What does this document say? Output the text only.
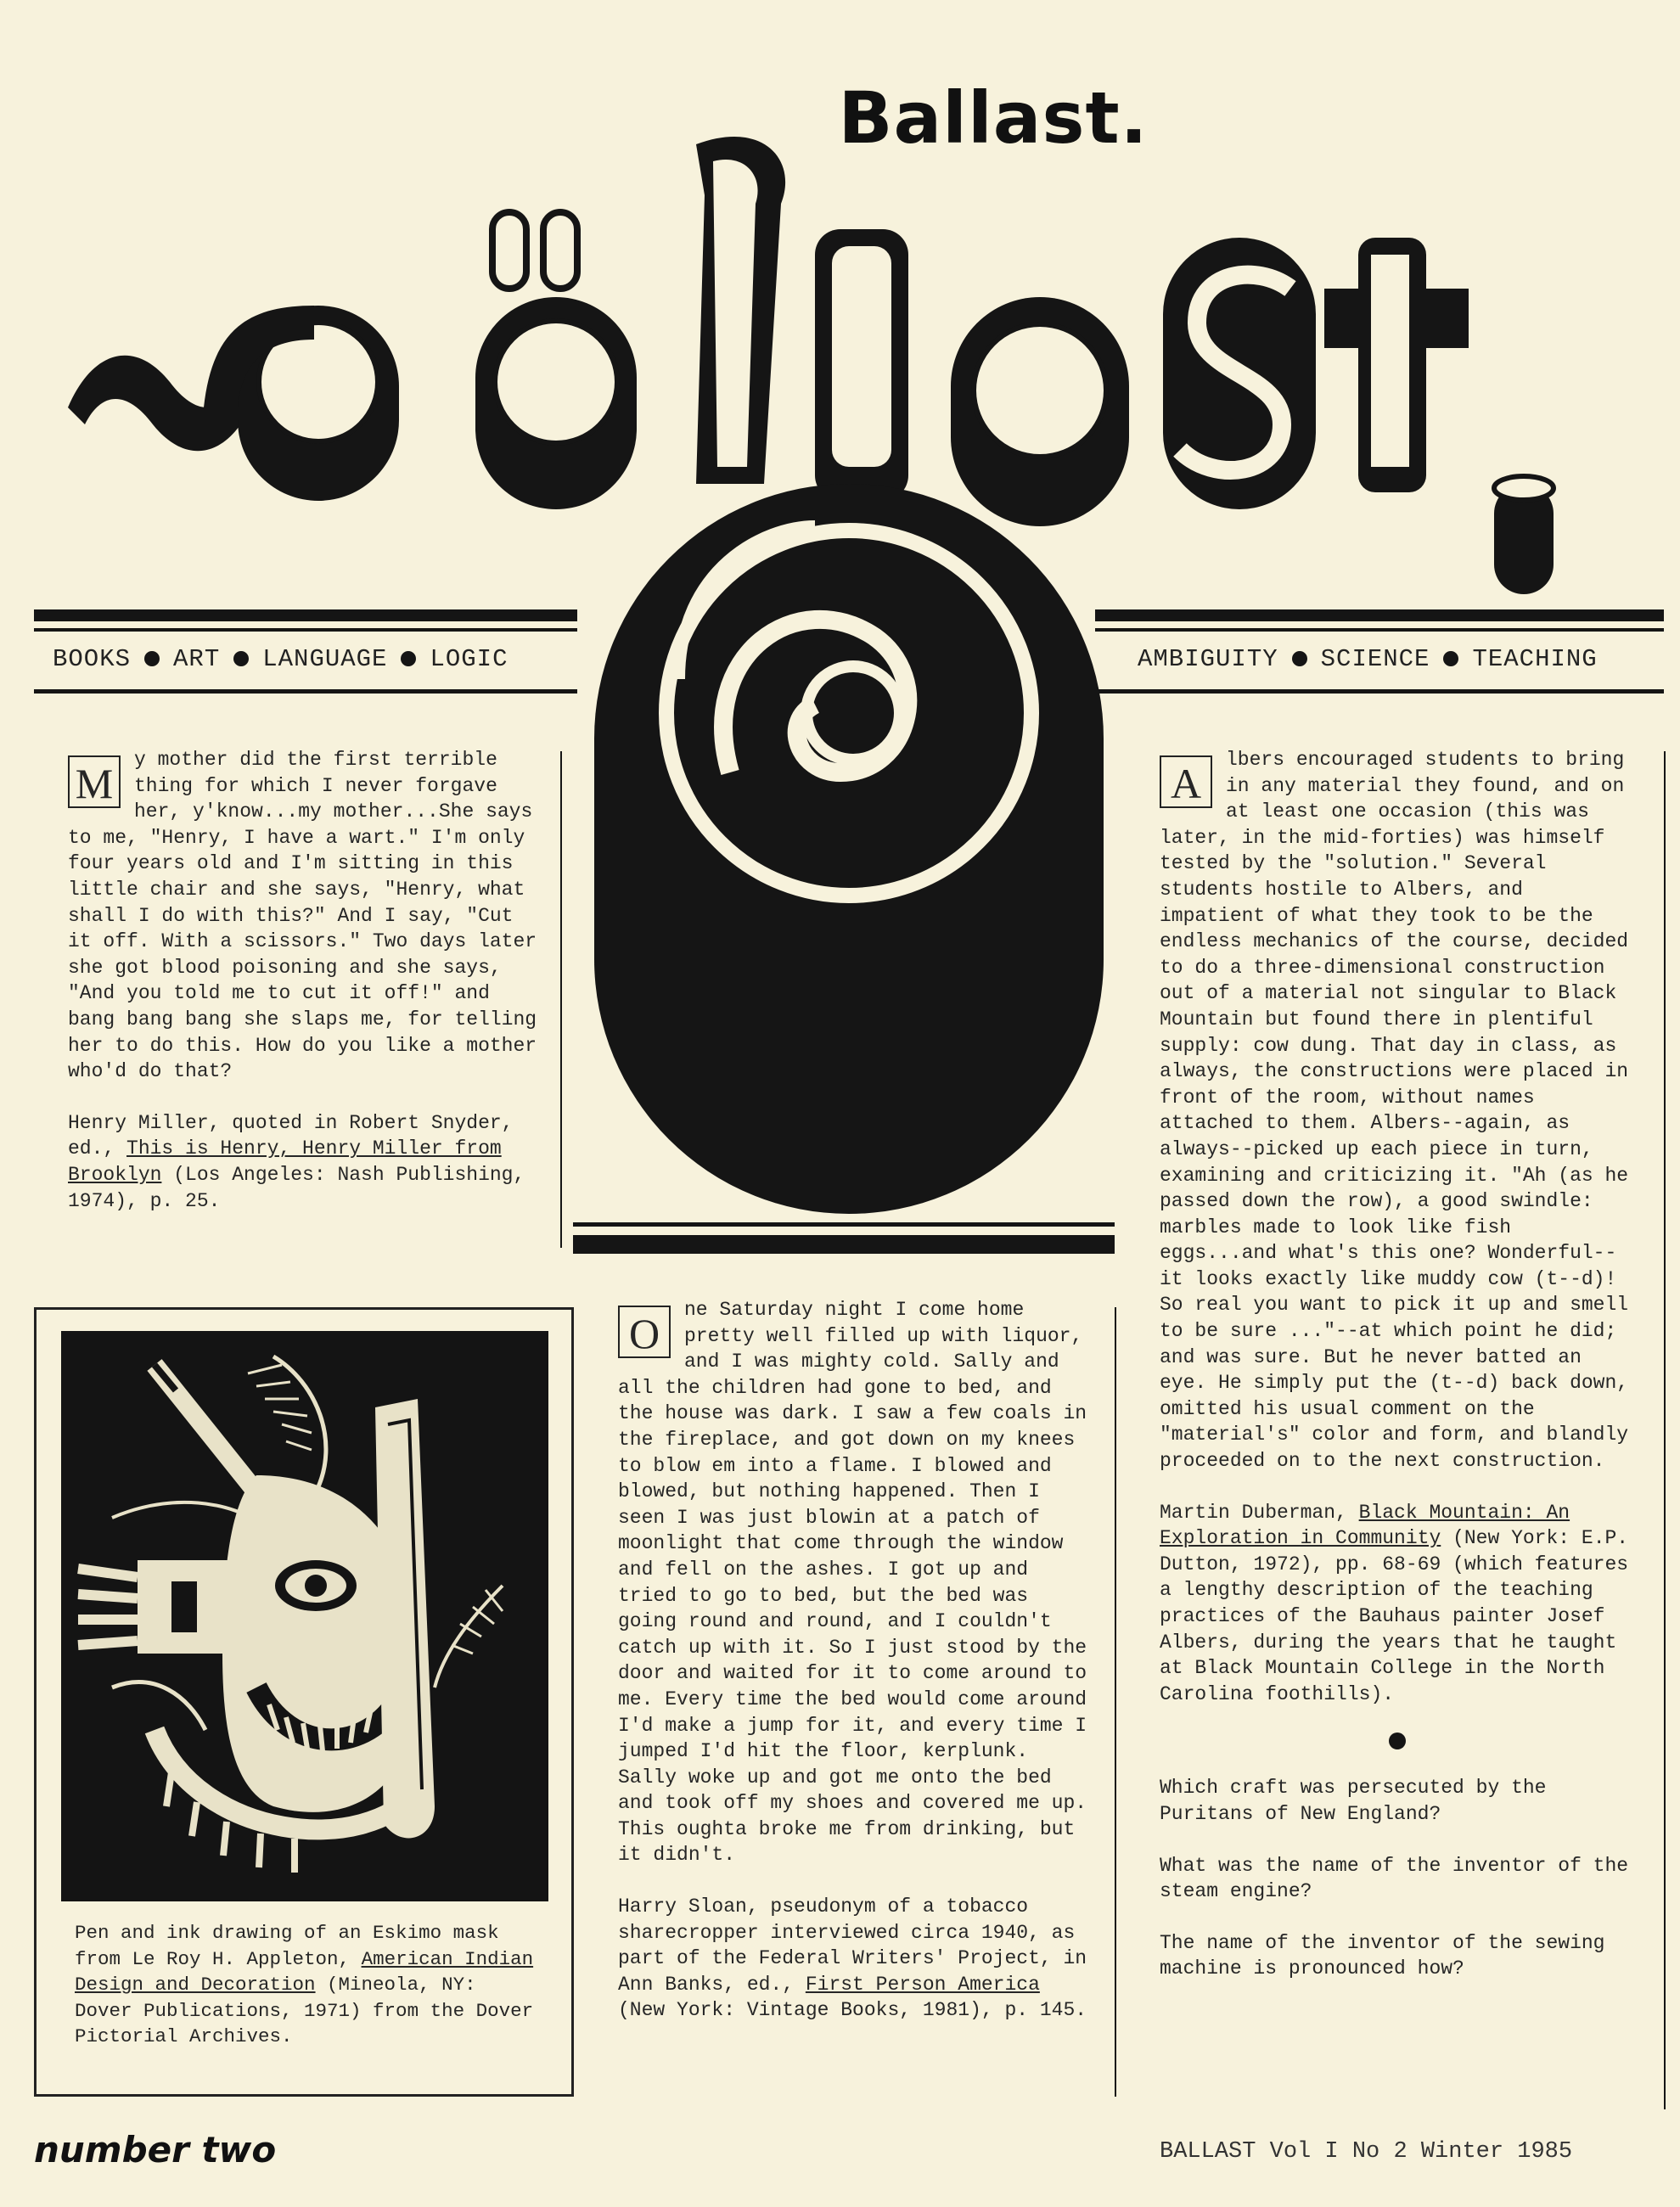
Ballast.
BOOKS ART LANGUAGE LOGIC	AMBIGUITY SCIENCE TEACHING
M	y mother did the first terrible thing for which I never forgave her, y'know...my mother...She says to me, "Henry, I have a wart." I'm only four years old and I'm sitting in this little chair and she says, "Henry, what shall I do with this?" And I say, "Cut it off. With a scissors." Two days later she got blood poisoning and she says, "And you told me to cut it off!" and bang bang bang she slaps me, for telling her to do this. How do you like a mother who'd do that?

Henry Miller, quoted in Robert Snyder, ed., This is Henry, Henry Miller from Brooklyn (Los Angeles: Nash Publishing, 1974), p. 25.

Pen and ink drawing of an Eskimo mask from Le Roy H. Appleton, American Indian Design and Decoration (Mineola, NY: Dover Publications, 1971) from the Dover Pictorial Archives.
O	ne Saturday night I come home pretty well filled up with liquor, and I was mighty cold. Sally and all the children had gone to bed, and the house was dark. I saw a few coals in the fireplace, and got down on my knees to blow em into a flame. I blowed and blowed, but nothing happened. Then I seen I was just blowin at a patch of moonlight that come through the window and fell on the ashes. I got up and tried to go to bed, but the bed was going round and round, and I couldn't catch up with it. So I just stood by the door and waited for it to come around to me. Every time the bed would come around I'd make a jump for it, and every time I jumped I'd hit the floor, kerplunk. Sally woke up and got me onto the bed and took off my shoes and covered me up. This oughta broke me from drinking, but it didn't.

Harry Sloan, pseudonym of a tobacco sharecropper interviewed circa 1940, as part of the Federal Writers' Project, in Ann Banks, ed., First Person America (New York: Vintage Books, 1981), p. 145.

A	lbers encouraged students to bring in any material they found, and on at least one occasion (this was later, in the mid-forties) was himself tested by the "solution." Several students hostile to Albers, and impatient of what they took to be the endless mechanics of the course, decided to do a three-dimensional construction out of a material not singular to Black Mountain but found there in plentiful supply: cow dung. That day in class, as always, the constructions were placed in front of the room, without names attached to them. Albers--again, as always--picked up each piece in turn, examining and criticizing it. "Ah (as he passed down the row), a good swindle: marbles made to look like fish eggs...and what's this one? Wonderful--it looks exactly like muddy cow (t--d)! So real you want to pick it up and smell to be sure ..."--at which point he did; and was sure. But he never batted an eye. He simply put the (t--d) back down, omitted his usual comment on the "material's" color and form, and blandly proceeded on to the next construction.

Martin Duberman, Black Mountain: An Exploration in Community (New York: E.P. Dutton, 1972), pp. 68-69 (which features a lengthy description of the teaching practices of the Bauhaus painter Josef Albers, during the years that he taught at Black Mountain College in the North Carolina foothills).

Which craft was persecuted by the Puritans of New England?

What was the name of the inventor of the steam engine?

The name of the inventor of the sewing machine is pronounced how?

number two	BALLAST Vol I No 2 Winter 1985
